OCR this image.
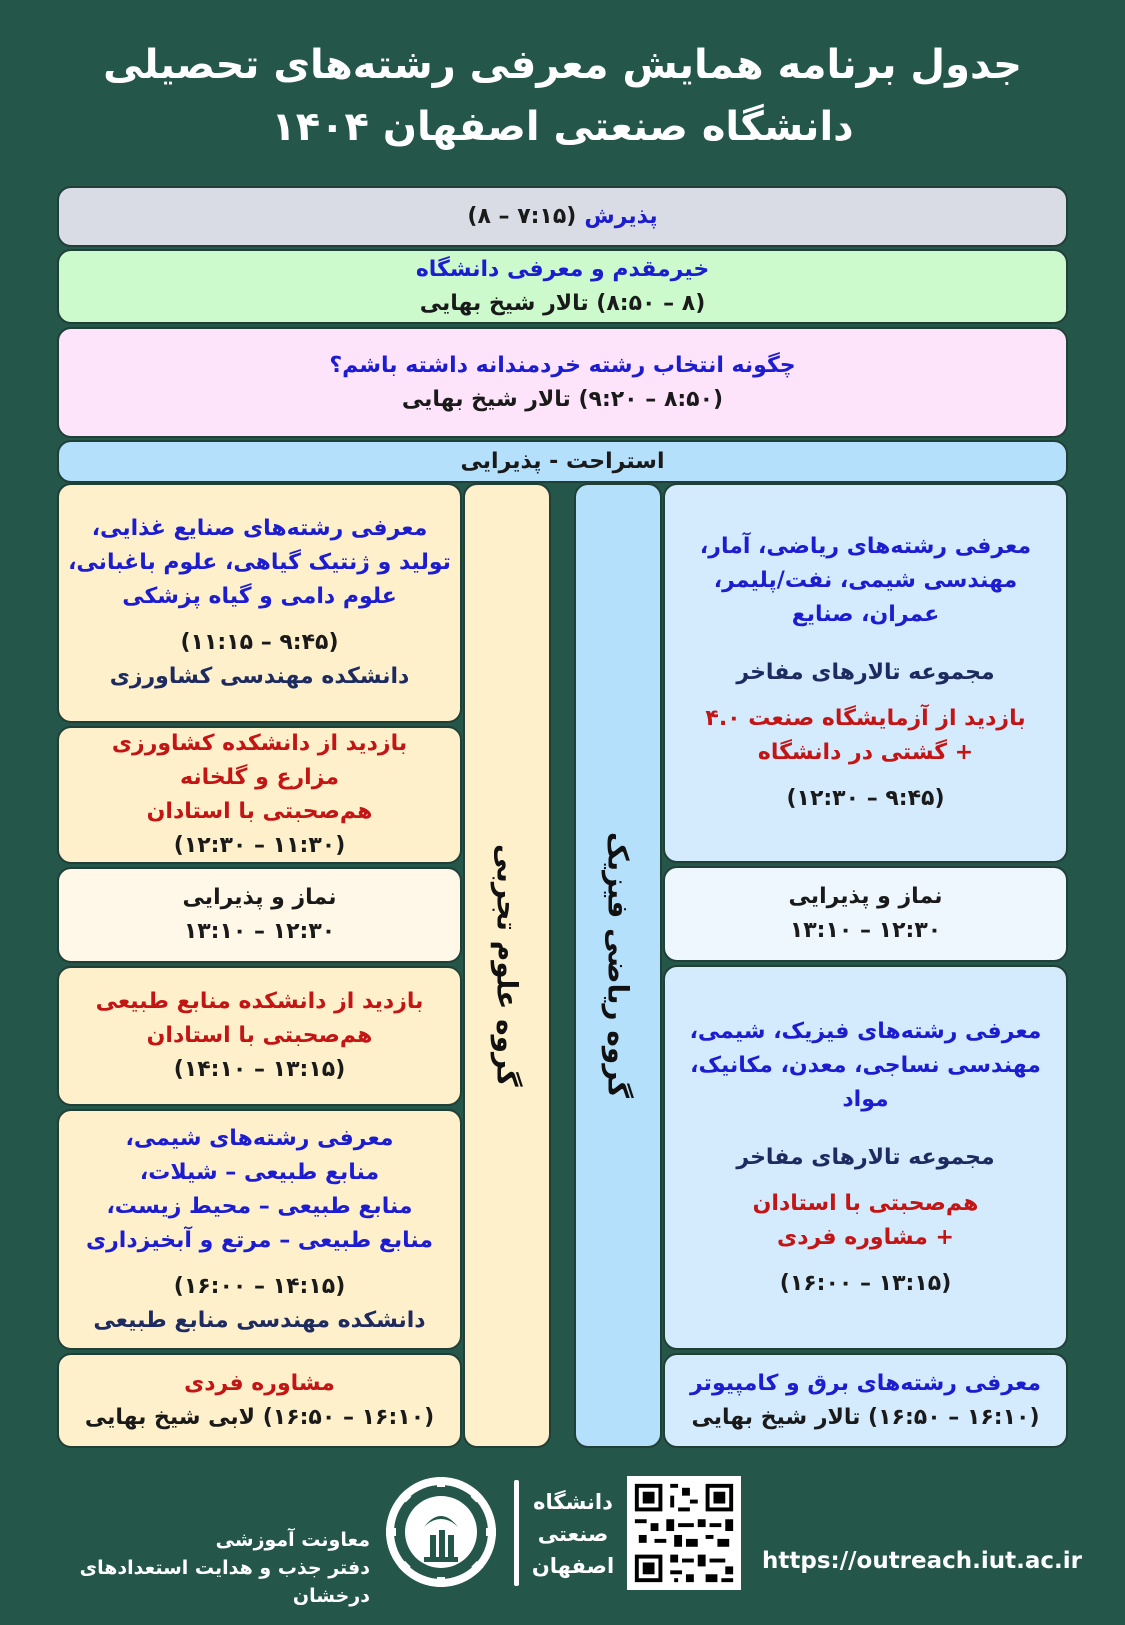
جدول برنامه همایش معرفی رشته‌های تحصیلی
دانشگاه صنعتی اصفهان ۱۴۰۴
پذیرش
(۷:۱۵ – ۸)
خیرمقدم و معرفی دانشگاه
(۸ – ۸:۵۰) تالار شیخ بهایی
چگونه انتخاب رشته خردمندانه داشته باشم؟
(۸:۵۰ – ۹:۲۰) تالار شیخ بهایی
استراحت - پذیرایی
گروه ریاضی فیزیک
گروه علوم تجربی
معرفی رشته‌های ریاضی، آمار،
مهندسی شیمی، نفت/پلیمر،
عمران، صنایع
مجموعه تالارهای مفاخر
بازدید از آزمایشگاه صنعت ۴.۰
+ گشتی در دانشگاه
(۹:۴۵ – ۱۲:۳۰)
نماز و پذیرایی
۱۲:۳۰ – ۱۳:۱۰
معرفی رشته‌های فیزیک، شیمی،
مهندسی نساجی، معدن، مکانیک، مواد
مجموعه تالارهای مفاخر
هم‌صحبتی با استادان
+ مشاوره فردی
(۱۳:۱۵ – ۱۶:۰۰)
معرفی رشته‌های برق و کامپیوتر
(۱۶:۱۰ – ۱۶:۵۰) تالار شیخ بهایی
معرفی رشته‌های صنایع غذایی،
تولید و ژنتیک گیاهی، علوم باغبانی،
علوم دامی و گیاه پزشکی
(۹:۴۵ – ۱۱:۱۵)
دانشکده مهندسی کشاورزی
بازدید از دانشکده کشاورزی
مزارع و گلخانه
هم‌صحبتی با استادان
(۱۱:۳۰ – ۱۲:۳۰)
نماز و پذیرایی
۱۲:۳۰ – ۱۳:۱۰
بازدید از دانشکده منابع طبیعی
هم‌صحبتی با استادان
(۱۳:۱۵ – ۱۴:۱۰)
معرفی رشته‌های شیمی،
منابع طبیعی – شیلات،
منابع طبیعی – محیط زیست،
منابع طبیعی – مرتع و آبخیزداری
(۱۴:۱۵ – ۱۶:۰۰)
دانشکده مهندسی منابع طبیعی
مشاوره فردی
(۱۶:۱۰ – ۱۶:۵۰) لابی شیخ بهایی
معاونت آموزشی
دفتر جذب و هدایت استعدادهای درخشان
دانشگاه
صنعتی
اصفهان	https://outreach.iut.ac.ir
